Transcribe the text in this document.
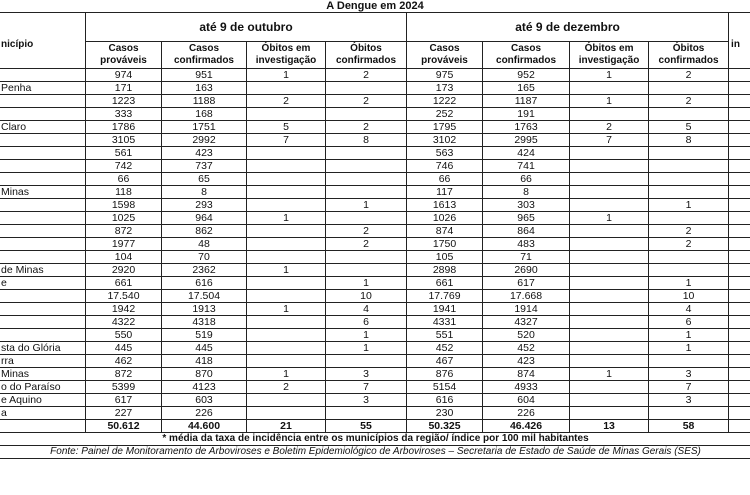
A Dengue em 2024
nicípio	até 9 de outubro				até 9 de dezembro				in
	Casos prováveis	Casos confirmados	Óbitos em investigação	Óbitos confirmados	Casos prováveis	Casos confirmados	Óbitos em investigação	Óbitos confirmados	
	974	951	1	2	975	952	1	2	
Penha	171	163			173	165			
	1223	1188	2	2	1222	1187	1	2	
	333	168			252	191			
Claro	1786	1751	5	2	1795	1763	2	5	
	3105	2992	7	8	3102	2995	7	8	
	561	423			563	424			
	742	737			746	741			
	66	65			66	66			
Minas	118	8			117	8			
	1598	293		1	1613	303		1	
	1025	964	1		1026	965	1		
	872	862		2	874	864		2	
	1977	48		2	1750	483		2	
	104	70			105	71			
de Minas	2920	2362	1		2898	2690			
e	661	616		1	661	617		1	
	17.540	17.504		10	17.769	17.668		10	
	1942	1913	1	4	1941	1914		4	
	4322	4318		6	4331	4327		6	
	550	519		1	551	520		1	
sta do Glória	445	445		1	452	452		1	
rra	462	418			467	423			
Minas	872	870	1	3	876	874	1	3	
o do Paraíso	5399	4123	2	7	5154	4933		7	
e Aquino	617	603		3	616	604		3	
a	227	226			230	226			
	50.612	44.600	21	55	50.325	46.426	13	58	
* média da taxa de incidência entre os municípios da região/ índice por 100 mil habitantes									
Fonte: Painel de Monitoramento de Arboviroses e Boletim Epidemiológico de Arboviroses – Secretaria de Estado de Saúde de Minas Gerais (SES)									
